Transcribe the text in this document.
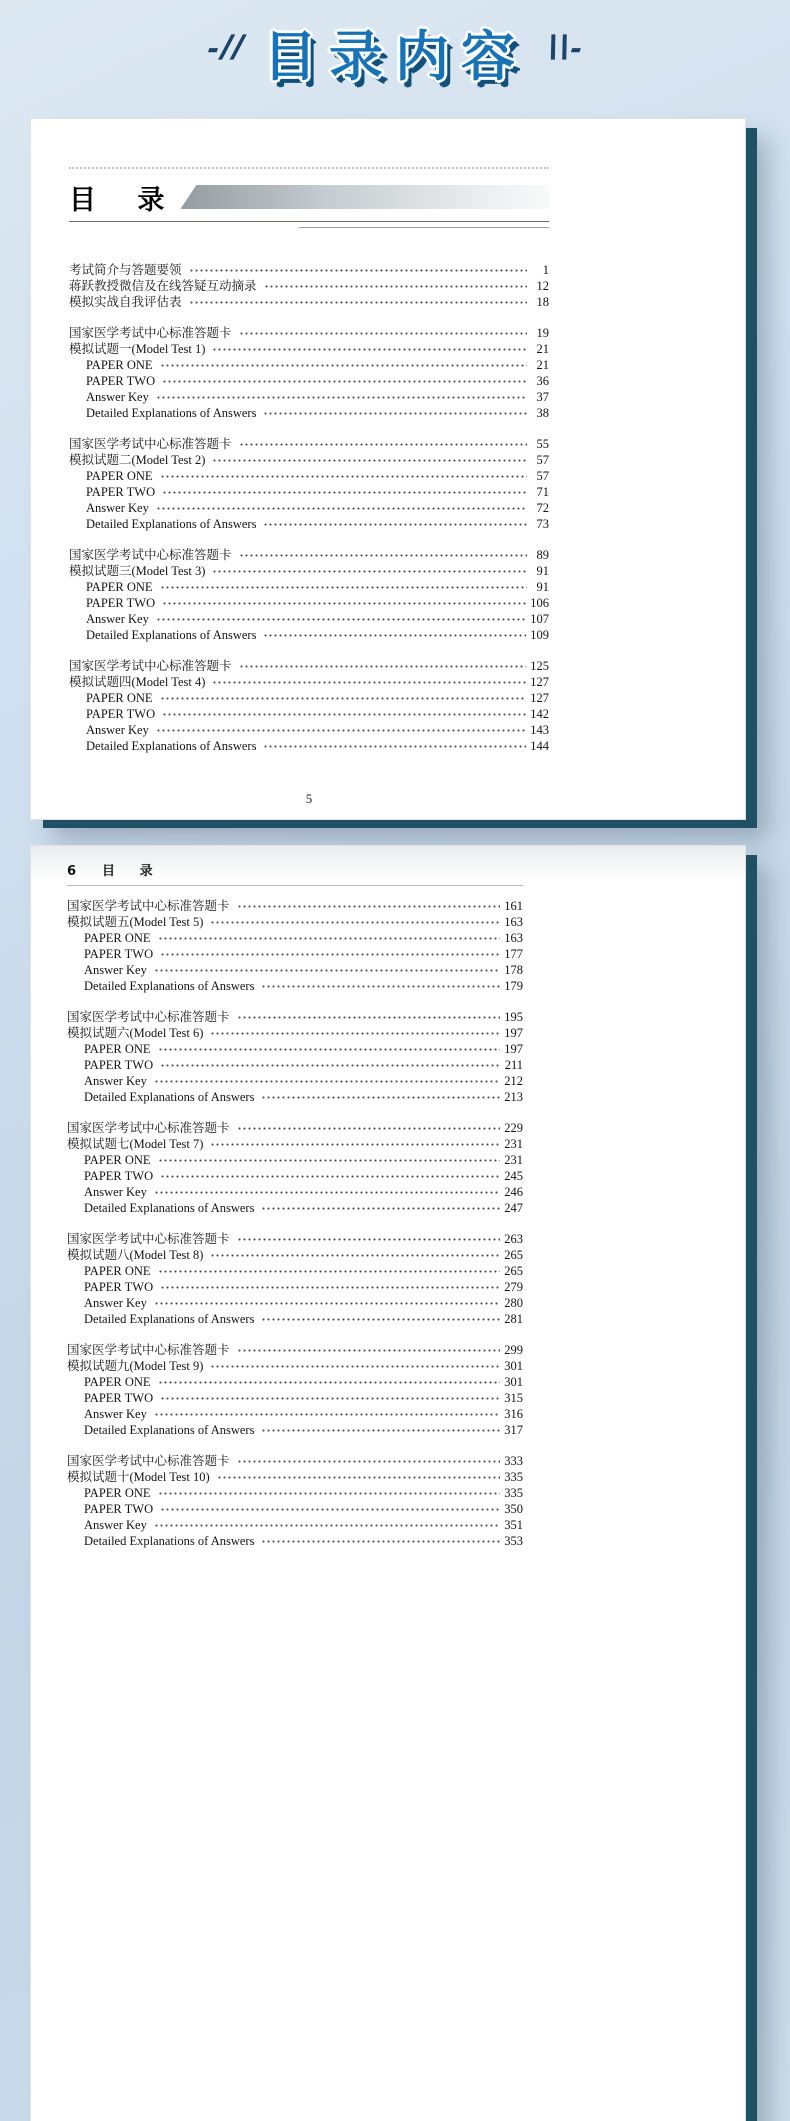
-// 目录内容 \\-
目 录
考试简介与答题要领	1
蒋跃教授微信及在线答疑互动摘录	12
模拟实战自我评估表	18
国家医学考试中心标准答题卡	19
模拟试题一(Model Test 1)	21
PAPER ONE	21
PAPER TWO	36
Answer Key	37
Detailed Explanations of Answers	38
国家医学考试中心标准答题卡	55
模拟试题二(Model Test 2)	57
PAPER ONE	57
PAPER TWO	71
Answer Key	72
Detailed Explanations of Answers	73
国家医学考试中心标准答题卡	89
模拟试题三(Model Test 3)	91
PAPER ONE	91
PAPER TWO	106
Answer Key	107
Detailed Explanations of Answers	109
国家医学考试中心标准答题卡	125
模拟试题四(Model Test 4)	127
PAPER ONE	127
PAPER TWO	142
Answer Key	143
Detailed Explanations of Answers	144
5
6 目 录
国家医学考试中心标准答题卡	161
模拟试题五(Model Test 5)	163
PAPER ONE	163
PAPER TWO	177
Answer Key	178
Detailed Explanations of Answers	179
国家医学考试中心标准答题卡	195
模拟试题六(Model Test 6)	197
PAPER ONE	197
PAPER TWO	211
Answer Key	212
Detailed Explanations of Answers	213
国家医学考试中心标准答题卡	229
模拟试题七(Model Test 7)	231
PAPER ONE	231
PAPER TWO	245
Answer Key	246
Detailed Explanations of Answers	247
国家医学考试中心标准答题卡	263
模拟试题八(Model Test 8)	265
PAPER ONE	265
PAPER TWO	279
Answer Key	280
Detailed Explanations of Answers	281
国家医学考试中心标准答题卡	299
模拟试题九(Model Test 9)	301
PAPER ONE	301
PAPER TWO	315
Answer Key	316
Detailed Explanations of Answers	317
国家医学考试中心标准答题卡	333
模拟试题十(Model Test 10)	335
PAPER ONE	335
PAPER TWO	350
Answer Key	351
Detailed Explanations of Answers	353
